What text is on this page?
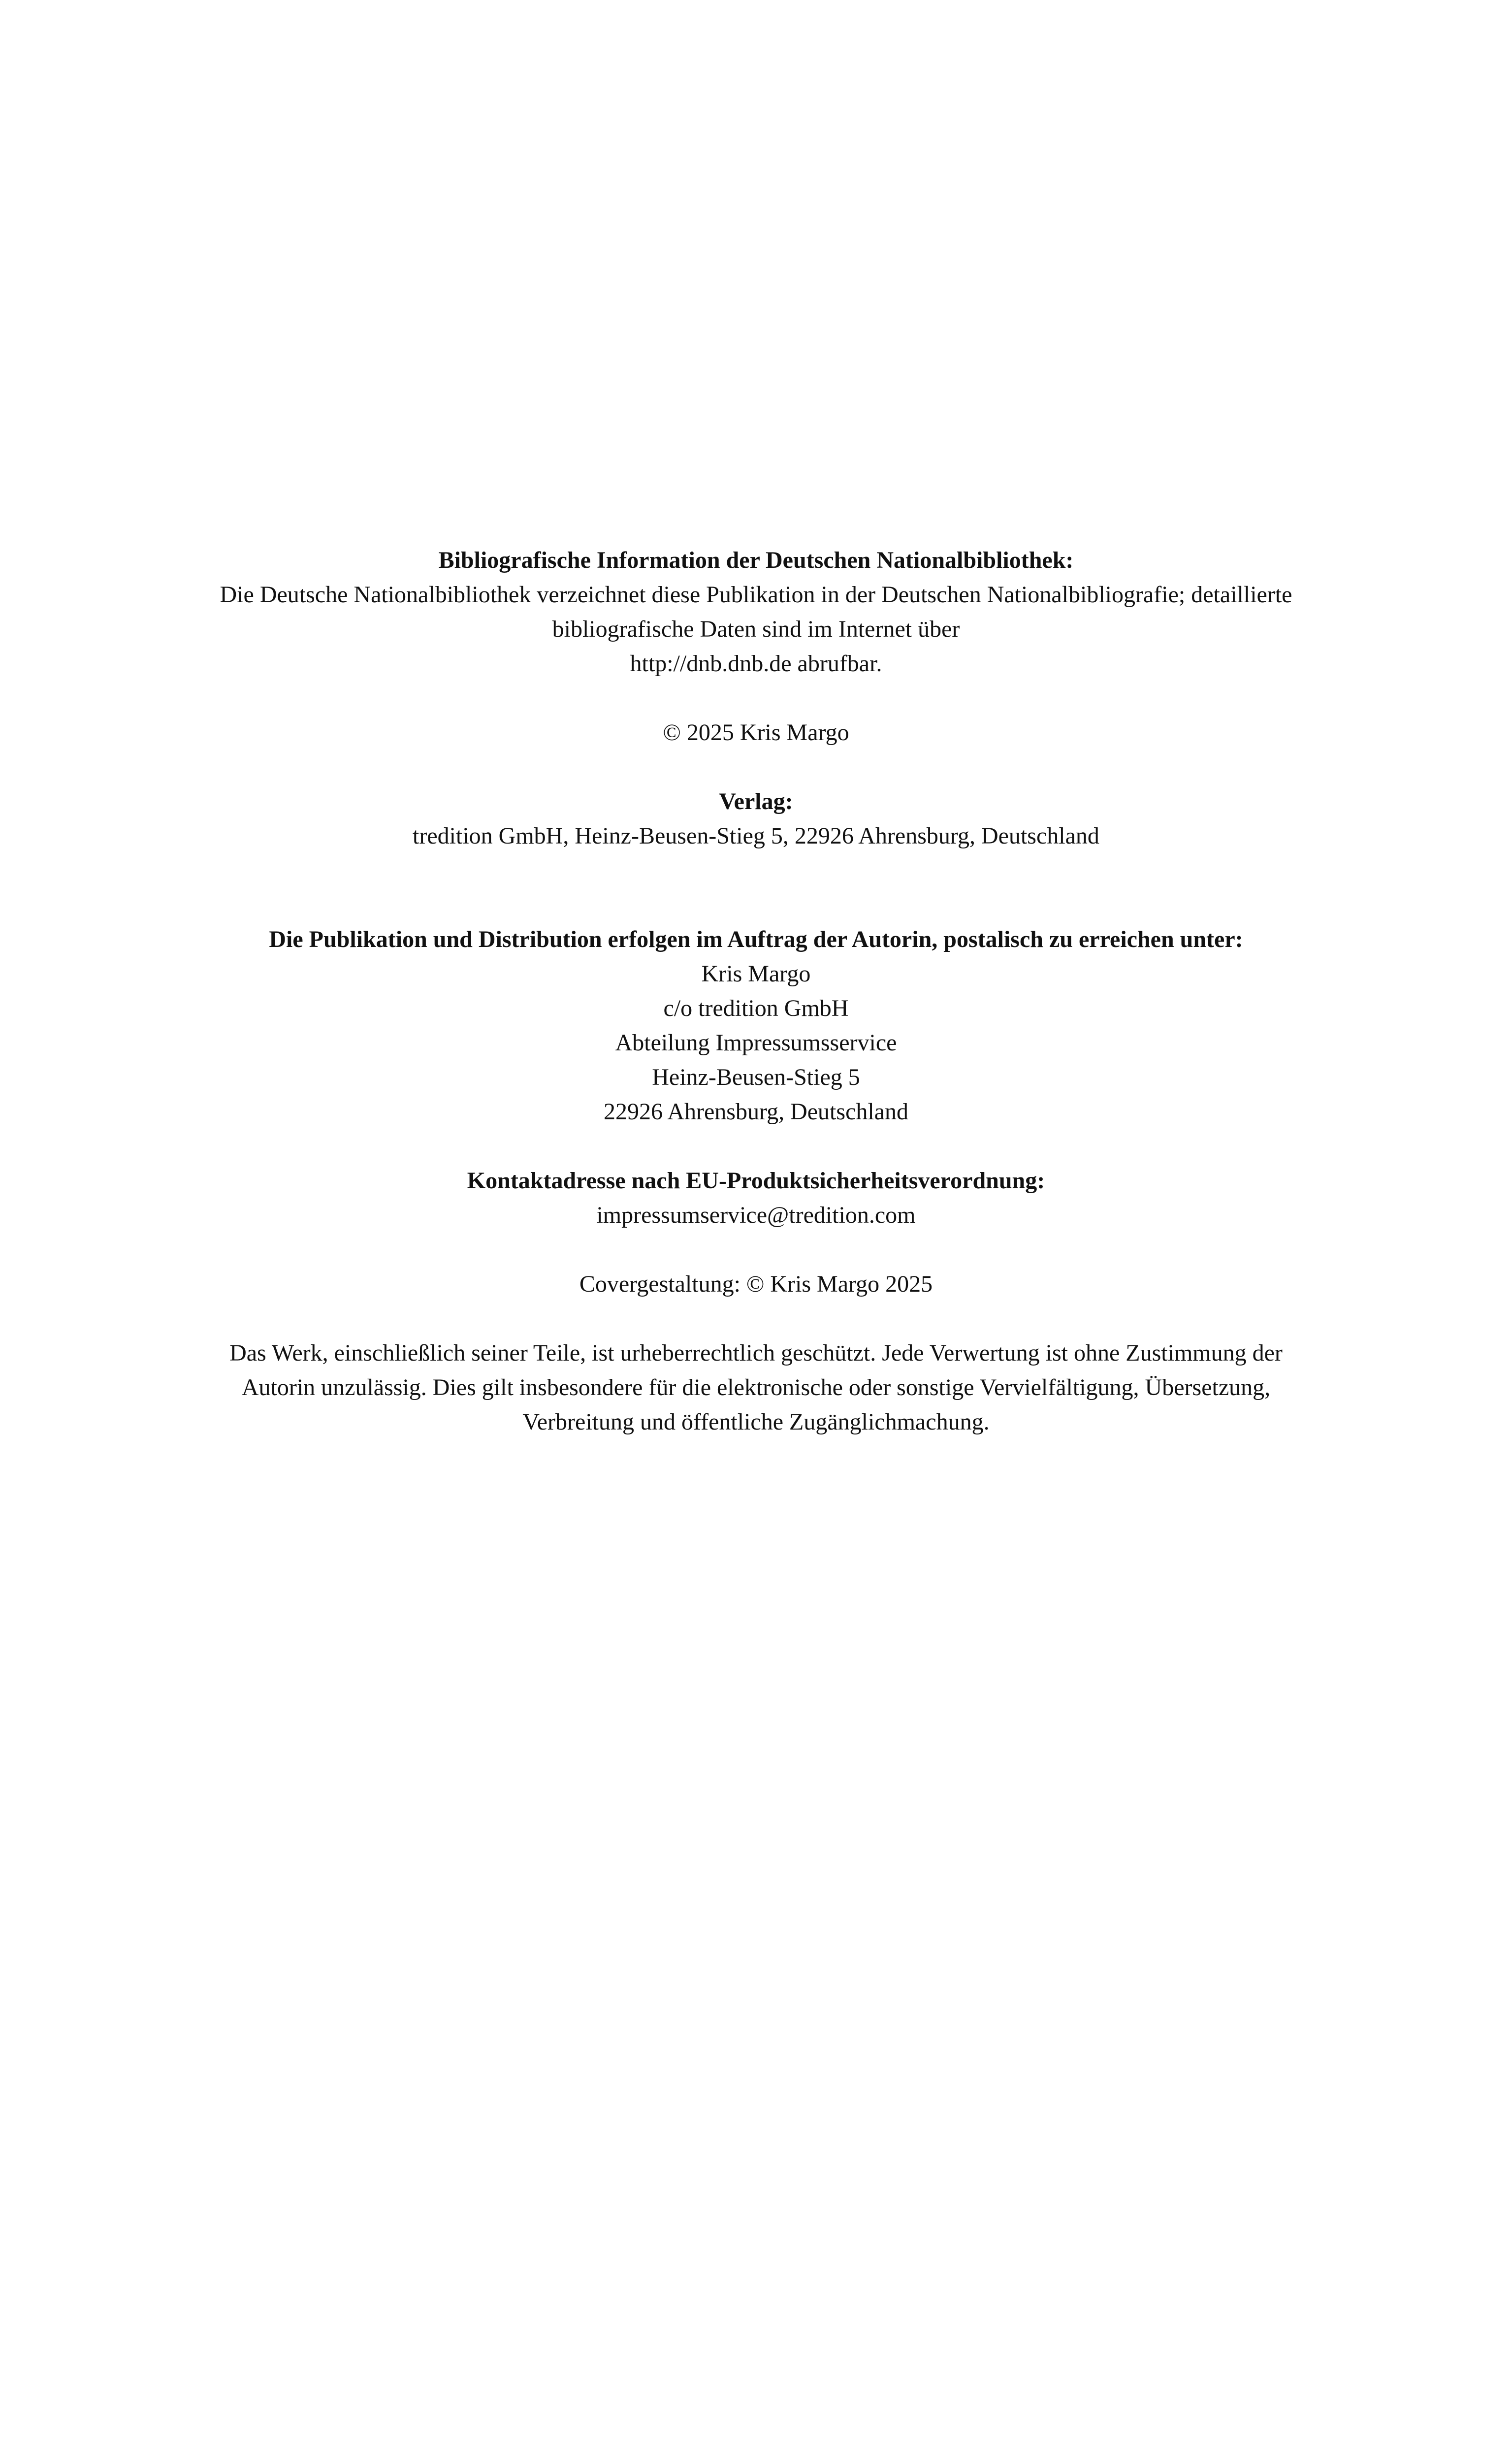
Bibliografische Information der Deutschen Nationalbibliothek:
Die Deutsche Nationalbibliothek verzeichnet diese Publikation in der Deutschen Nationalbibliografie; detaillierte
bibliografische Daten sind im Internet über
http://dnb.dnb.de abrufbar.
© 2025 Kris Margo
Verlag:
tredition GmbH, Heinz-Beusen-Stieg 5, 22926 Ahrensburg, Deutschland
Die Publikation und Distribution erfolgen im Auftrag der Autorin, postalisch zu erreichen unter:
Kris Margo
c/o tredition GmbH
Abteilung Impressumsservice
Heinz-Beusen-Stieg 5
22926 Ahrensburg, Deutschland
Kontaktadresse nach EU-Produktsicherheitsverordnung:
impressumservice@tredition.com
Covergestaltung: © Kris Margo 2025
Das Werk, einschließlich seiner Teile, ist urheberrechtlich geschützt. Jede Verwertung ist ohne Zustimmung der
Autorin unzulässig. Dies gilt insbesondere für die elektronische oder sonstige Vervielfältigung, Übersetzung,
Verbreitung und öffentliche Zugänglichmachung.
